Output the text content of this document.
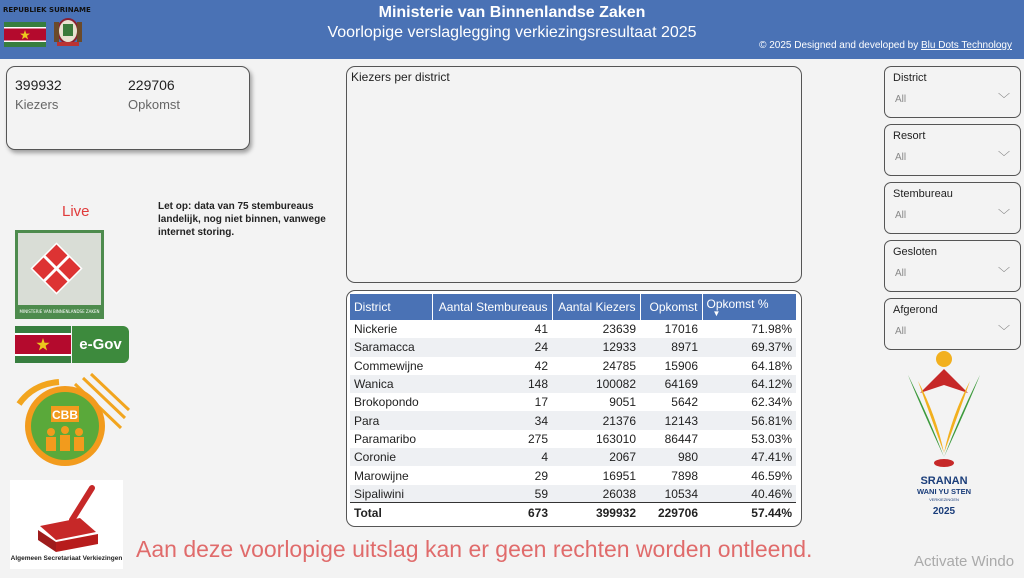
REPUBLIEK SURINAME	Ministerie van Binnenlandse Zaken
Voorlopige verslaglegging verkiezingsresultaat 2025
© 2025 Designed and developed by Blu Dots Technology
399932
Kiezers
229706
Opkomst
Live	Let op: data van 75 stembureaus landelijk, nog niet binnen, vanwege internet storing.
MINISTERIE VAN BINNENLANDSE ZAKEN
e-Gov
CBB
Algemeen Secretariaat Verkiezingen
Kiezers per district
District	Aantal Stembureaus	Aantal Kiezers	Opkomst	Opkomst %
▼

Nickerie	41	23639	17016	71.98%
Saramacca	24	12933	8971	69.37%
Commewijne	42	24785	15906	64.18%
Wanica	148	100082	64169	64.12%
Brokopondo	17	9051	5642	62.34%
Para	34	21376	12143	56.81%
Paramaribo	275	163010	86447	53.03%
Coronie	4	2067	980	47.41%
Marowijne	29	16951	7898	46.59%
Sipaliwini	59	26038	10534	40.46%
Total	673	399932	229706	57.44%
District
All	﹀
Resort
All	﹀
Stembureau
All	﹀
Gesloten
All	﹀
Afgerond
All	﹀
SRANAN
WANI YU STEN
VERKIEZINGEN
2025
Aan deze voorlopige uitslag kan er geen rechten worden ontleend.	Activate Windo
